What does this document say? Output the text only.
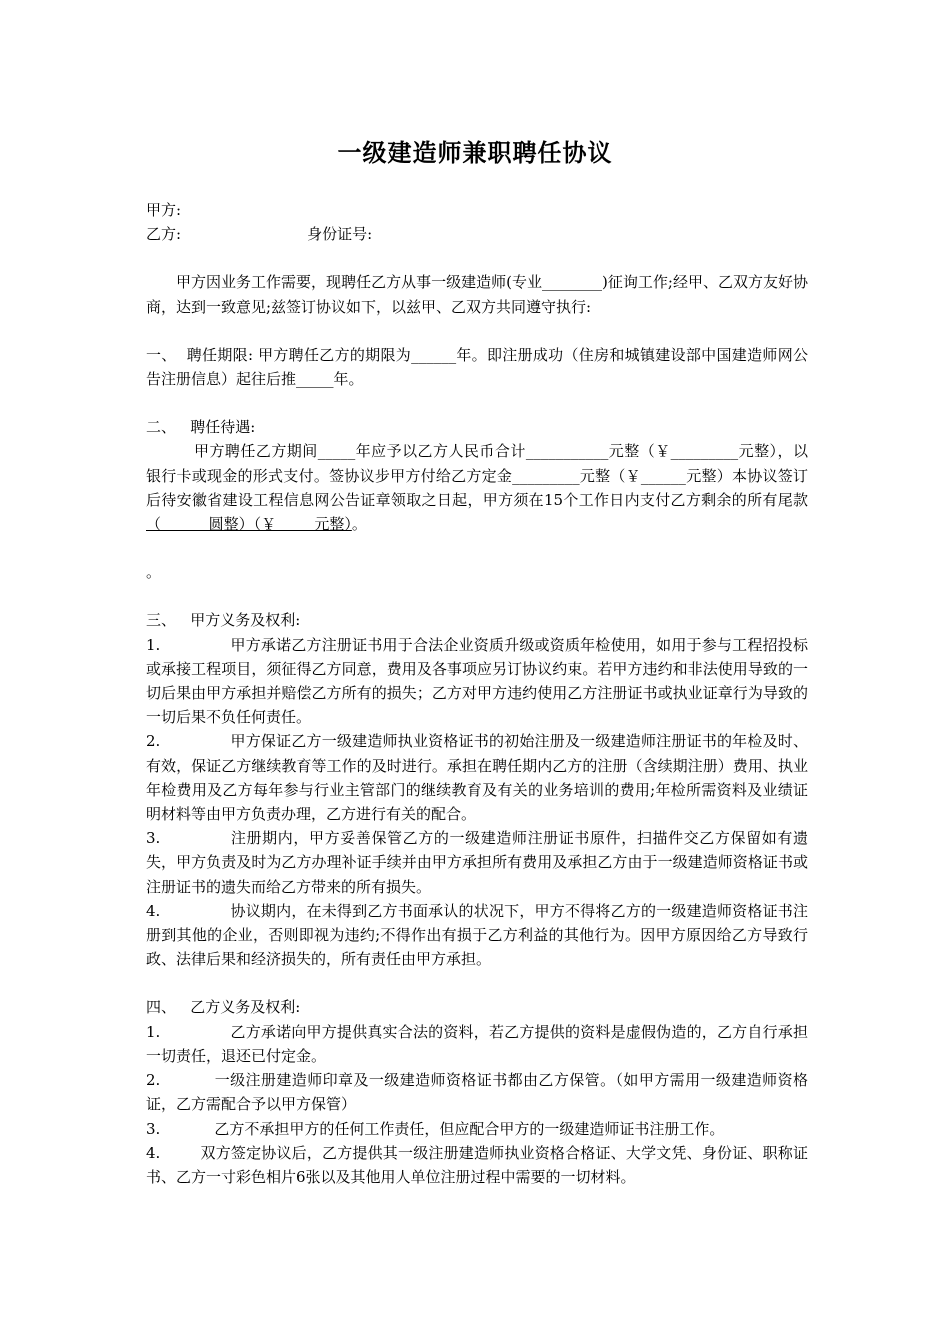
一级建造师兼职聘任协议

甲方:

乙方:	身份证号:

甲方因业务工作需要，现聘任乙方从事一级建造师(专业________)征询工作;经甲、乙双方友好协商，达到一致意见;兹签订协议如下，以兹甲、乙双方共同遵守执行:

一、  聘任期限: 甲方聘任乙方的期限为______年。即注册成功（住房和城镇建设部中国建造师网公告注册信息）起往后推_____年。

二、   聘任待遇:

甲方聘任乙方期间_____年应予以乙方人民币合计___________元整（￥_________元整），以银行卡或现金的形式支付。签协议步甲方付给乙方定金_________元整（￥______元整）本协议签订后待安徽省建设工程信息网公告证章领取之日起，甲方须在15个工作日内支付乙方剩余的所有尾款（          圆整）（￥        元整）。

。

三、   甲方义务及权利:

1.	甲方承诺乙方注册证书用于合法企业资质升级或资质年检使用，如用于参与工程招投标或承接工程项目，须征得乙方同意，费用及各事项应另订协议约束。若甲方违约和非法使用导致的一切后果由甲方承担并赔偿乙方所有的损失；乙方对甲方违约使用乙方注册证书或执业证章行为导致的一切后果不负任何责任。

2.	甲方保证乙方一级建造师执业资格证书的初始注册及一级建造师注册证书的年检及时、有效，保证乙方继续教育等工作的及时进行。承担在聘任期内乙方的注册（含续期注册）费用、执业年检费用及乙方每年参与行业主管部门的继续教育及有关的业务培训的费用;年检所需资料及业绩证明材料等由甲方负责办理，乙方进行有关的配合。

3.	注册期内，甲方妥善保管乙方的一级建造师注册证书原件，扫描件交乙方保留如有遗失，甲方负责及时为乙方办理补证手续并由甲方承担所有费用及承担乙方由于一级建造师资格证书或注册证书的遗失而给乙方带来的所有损失。

4.	协议期内，在未得到乙方书面承认的状况下，甲方不得将乙方的一级建造师资格证书注册到其他的企业，否则即视为违约;不得作出有损于乙方利益的其他行为。因甲方原因给乙方导致行政、法律后果和经济损失的，所有责任由甲方承担。

四、   乙方义务及权利:

1.	乙方承诺向甲方提供真实合法的资料，若乙方提供的资料是虚假伪造的，乙方自行承担一切责任，退还已付定金。

2.	一级注册建造师印章及一级建造师资格证书都由乙方保管。（如甲方需用一级建造师资格证，乙方需配合予以甲方保管）

3.	乙方不承担甲方的任何工作责任，但应配合甲方的一级建造师证书注册工作。

4.	双方签定协议后，乙方提供其一级注册建造师执业资格合格证、大学文凭、身份证、职称证书、乙方一寸彩色相片6张以及其他用人单位注册过程中需要的一切材料。
